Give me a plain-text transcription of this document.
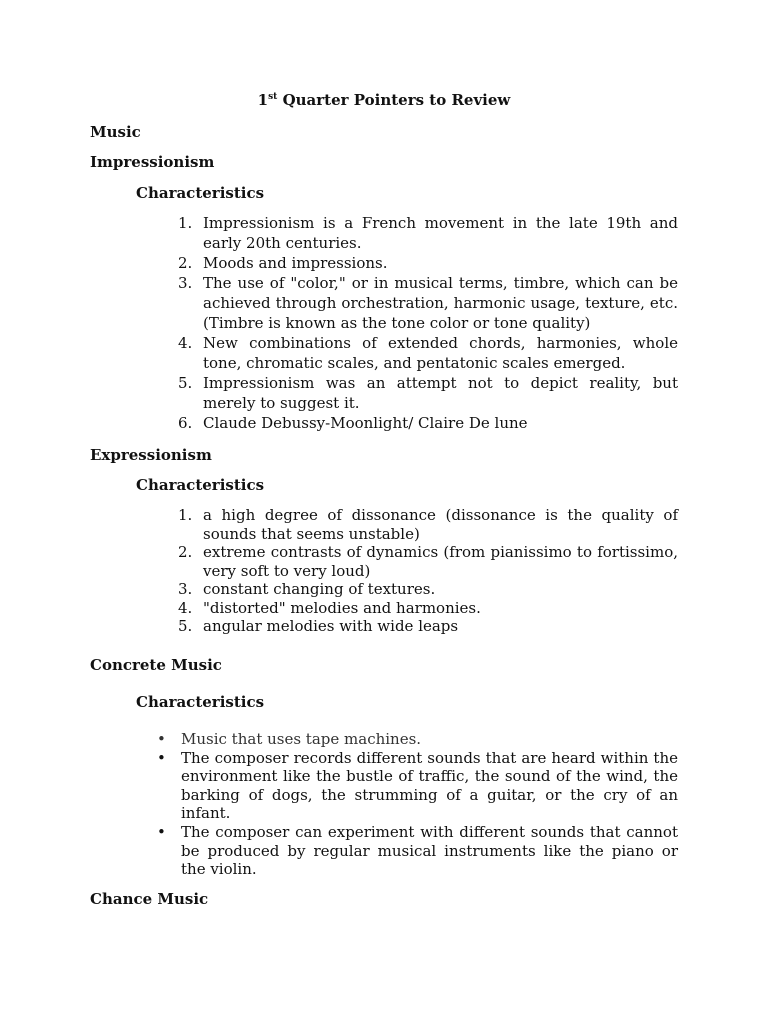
1st Quarter Pointers to Review
Music
Impressionism
Characteristics
1. Impressionism is a French movement in the late 19th and early 20th centuries.
2. Moods and impressions.
3. The use of "color," or in musical terms, timbre, which can be achieved through orchestration, harmonic usage, texture, etc. (Timbre is known as the tone color or tone quality)
4. New combinations of extended chords, harmonies, whole tone, chromatic scales, and pentatonic scales emerged.
5. Impressionism was an attempt not to depict reality, but merely to suggest it.
6. Claude Debussy-Moonlight/ Claire De lune
Expressionism
Characteristics
1. a high degree of dissonance (dissonance is the quality of sounds that seems unstable)
2. extreme contrasts of dynamics (from pianissimo to fortissimo, very soft to very loud)
3. constant changing of textures.
4. "distorted" melodies and harmonies.
5. angular melodies with wide leaps
Concrete Music
Characteristics
• Music that uses tape machines.
• The composer records different sounds that are heard within the environment like the bustle of traffic, the sound of the wind, the barking of dogs, the strumming of a guitar, or the cry of an infant.
• The composer can experiment with different sounds that cannot be produced by regular musical instruments like the piano or the violin.
Chance Music
